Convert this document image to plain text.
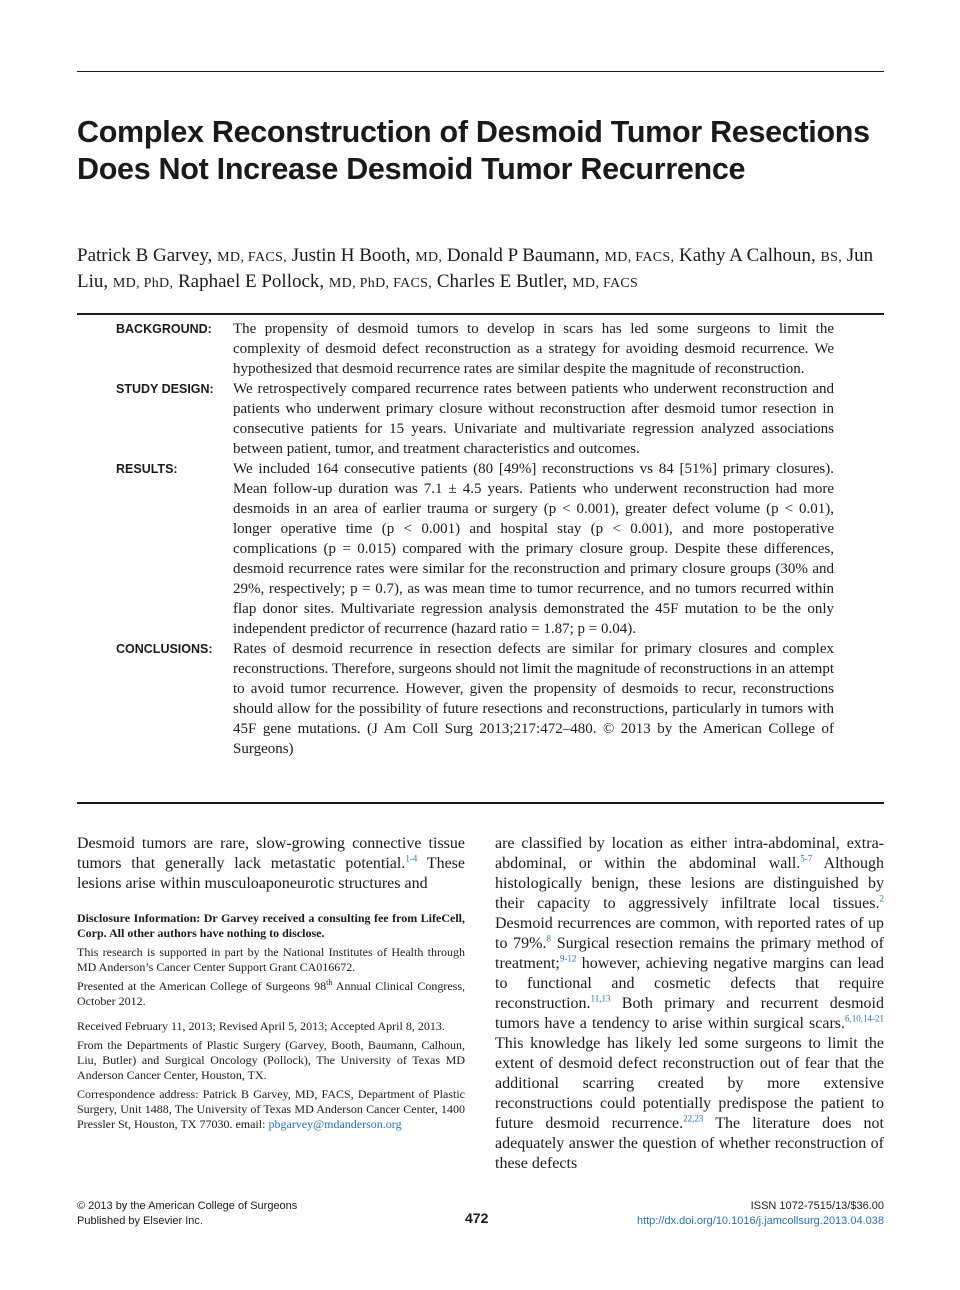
Complex Reconstruction of Desmoid Tumor Resections Does Not Increase Desmoid Tumor Recurrence
Patrick B Garvey, MD, FACS, Justin H Booth, MD, Donald P Baumann, MD, FACS, Kathy A Calhoun, BS, Jun Liu, MD, PhD, Raphael E Pollock, MD, PhD, FACS, Charles E Butler, MD, FACS
BACKGROUND:	The propensity of desmoid tumors to develop in scars has led some surgeons to limit the complexity of desmoid defect reconstruction as a strategy for avoiding desmoid recurrence. We hypothesized that desmoid recurrence rates are similar despite the magnitude of reconstruction.
STUDY DESIGN:	We retrospectively compared recurrence rates between patients who underwent reconstruction and patients who underwent primary closure without reconstruction after desmoid tumor resection in consecutive patients for 15 years. Univariate and multivariate regression analyzed associations between patient, tumor, and treatment characteristics and outcomes.
RESULTS:	We included 164 consecutive patients (80 [49%] reconstructions vs 84 [51%] primary closures). Mean follow-up duration was 7.1 ± 4.5 years. Patients who underwent reconstruction had more desmoids in an area of earlier trauma or surgery (p < 0.001), greater defect volume (p < 0.01), longer operative time (p < 0.001) and hospital stay (p < 0.001), and more postoperative complications (p = 0.015) compared with the primary closure group. Despite these differences, desmoid recurrence rates were similar for the reconstruction and primary closure groups (30% and 29%, respectively; p = 0.7), as was mean time to tumor recurrence, and no tumors recurred within flap donor sites. Multivariate regression analysis demonstrated the 45F mutation to be the only independent predictor of recurrence (hazard ratio = 1.87; p = 0.04).
CONCLUSIONS:	Rates of desmoid recurrence in resection defects are similar for primary closures and complex reconstructions. Therefore, surgeons should not limit the magnitude of reconstructions in an attempt to avoid tumor recurrence. However, given the propensity of desmoids to recur, reconstructions should allow for the possibility of future resections and reconstructions, particularly in tumors with 45F gene mutations. (J Am Coll Surg 2013;217:472–480. © 2013 by the American College of Surgeons)

Desmoid tumors are rare, slow-growing connective tissue tumors that generally lack metastatic potential.$^{1-4}$ These lesions arise within musculoaponeurotic structures and

Disclosure Information: Dr Garvey received a consulting fee from LifeCell, Corp. All other authors have nothing to disclose.

This research is supported in part by the National Institutes of Health through MD Anderson’s Cancer Center Support Grant CA016672.

Presented at the American College of Surgeons 98th Annual Clinical Congress, October 2012.

Received February 11, 2013; Revised April 5, 2013; Accepted April 8, 2013.

From the Departments of Plastic Surgery (Garvey, Booth, Baumann, Calhoun, Liu, Butler) and Surgical Oncology (Pollock), The University of Texas MD Anderson Cancer Center, Houston, TX.

Correspondence address: Patrick B Garvey, MD, FACS, Department of Plastic Surgery, Unit 1488, The University of Texas MD Anderson Cancer Center, 1400 Pressler St, Houston, TX 77030. email: pbgarvey@mdanderson.org

are classified by location as either intra-abdominal, extra-abdominal, or within the abdominal wall.$^{5-7}$ Although histologically benign, these lesions are distinguished by their capacity to aggressively infiltrate local tissues.$^2$ Desmoid recurrences are common, with reported rates of up to 79%.$^8$ Surgical resection remains the primary method of treatment;$^{9-12}$ however, achieving negative margins can lead to functional and cosmetic defects that require reconstruction.$^{11,13}$ Both primary and recurrent desmoid tumors have a tendency to arise within surgical scars.$^{6,10,14-21}$ This knowledge has likely led some surgeons to limit the extent of desmoid defect reconstruction out of fear that the additional scarring created by more extensive reconstructions could potentially predispose the patient to future desmoid recurrence.$^{22,23}$ The literature does not adequately answer the question of whether reconstruction of these defects

© 2013 by the American College of Surgeons
Published by Elsevier Inc.	472
ISSN 1072-7515/13/$36.00
http://dx.doi.org/10.1016/j.jamcollsurg.2013.04.038
